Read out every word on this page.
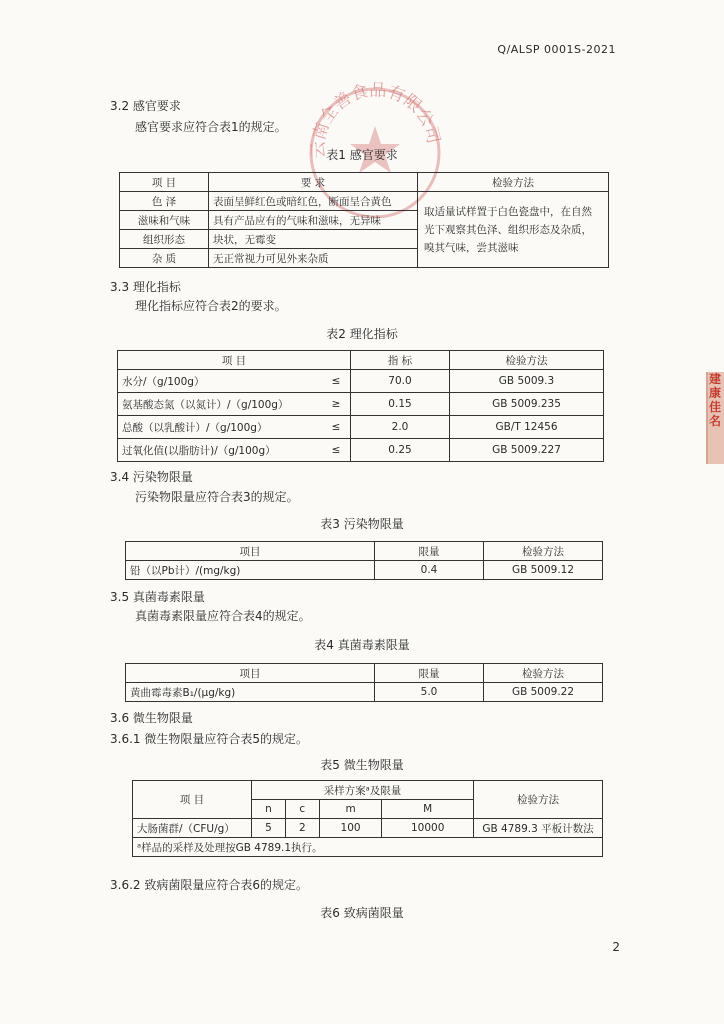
云南全善食品有限公司
建
康
佳
名
Q/ALSP 0001S-2021
3.2 感官要求
感官要求应符合表1的规定。
表1 感官要求
项 目	要 求	检验方法
色 泽	表面呈鲜红色或暗红色，断面呈合黄色	取适量试样置于白色瓷盘中，在自然光下观察其色泽、组织形态及杂质，嗅其气味，尝其滋味
滋味和气味	具有产品应有的气味和滋味，无异味	
组织形态	块状，无霉变	
杂 质	无正常视力可见外来杂质	
3.3 理化指标
理化指标应符合表2的要求。
表2 理化指标
项 目		指 标	检验方法
水分/（g/100g）	≤	70.0	GB 5009.3
氨基酸态氮（以氮计）/（g/100g）	≥	0.15	GB 5009.235
总酸（以乳酸计）/（g/100g）	≤	2.0	GB/T 12456
过氧化值(以脂肪计)/（g/100g）	≤	0.25	GB 5009.227
3.4 污染物限量
污染物限量应符合表3的规定。
表3 污染物限量
项目	限量	检验方法
铅（以Pb计）/(mg/kg)	0.4	GB 5009.12
3.5 真菌毒素限量
真菌毒素限量应符合表4的规定。
表4 真菌毒素限量
项目	限量	检验方法
黄曲霉毒素B₁/(μg/kg)	5.0	GB 5009.22
3.6 微生物限量
3.6.1 微生物限量应符合表5的规定。
表5 微生物限量
项 目	采样方案ᵃ及限量				检验方法
	n	c	m	M	
大肠菌群/（CFU/g）	5	2	100	10000	GB 4789.3 平板计数法
ᵃ样品的采样及处理按GB 4789.1执行。					
3.6.2 致病菌限量应符合表6的规定。
表6 致病菌限量
2
